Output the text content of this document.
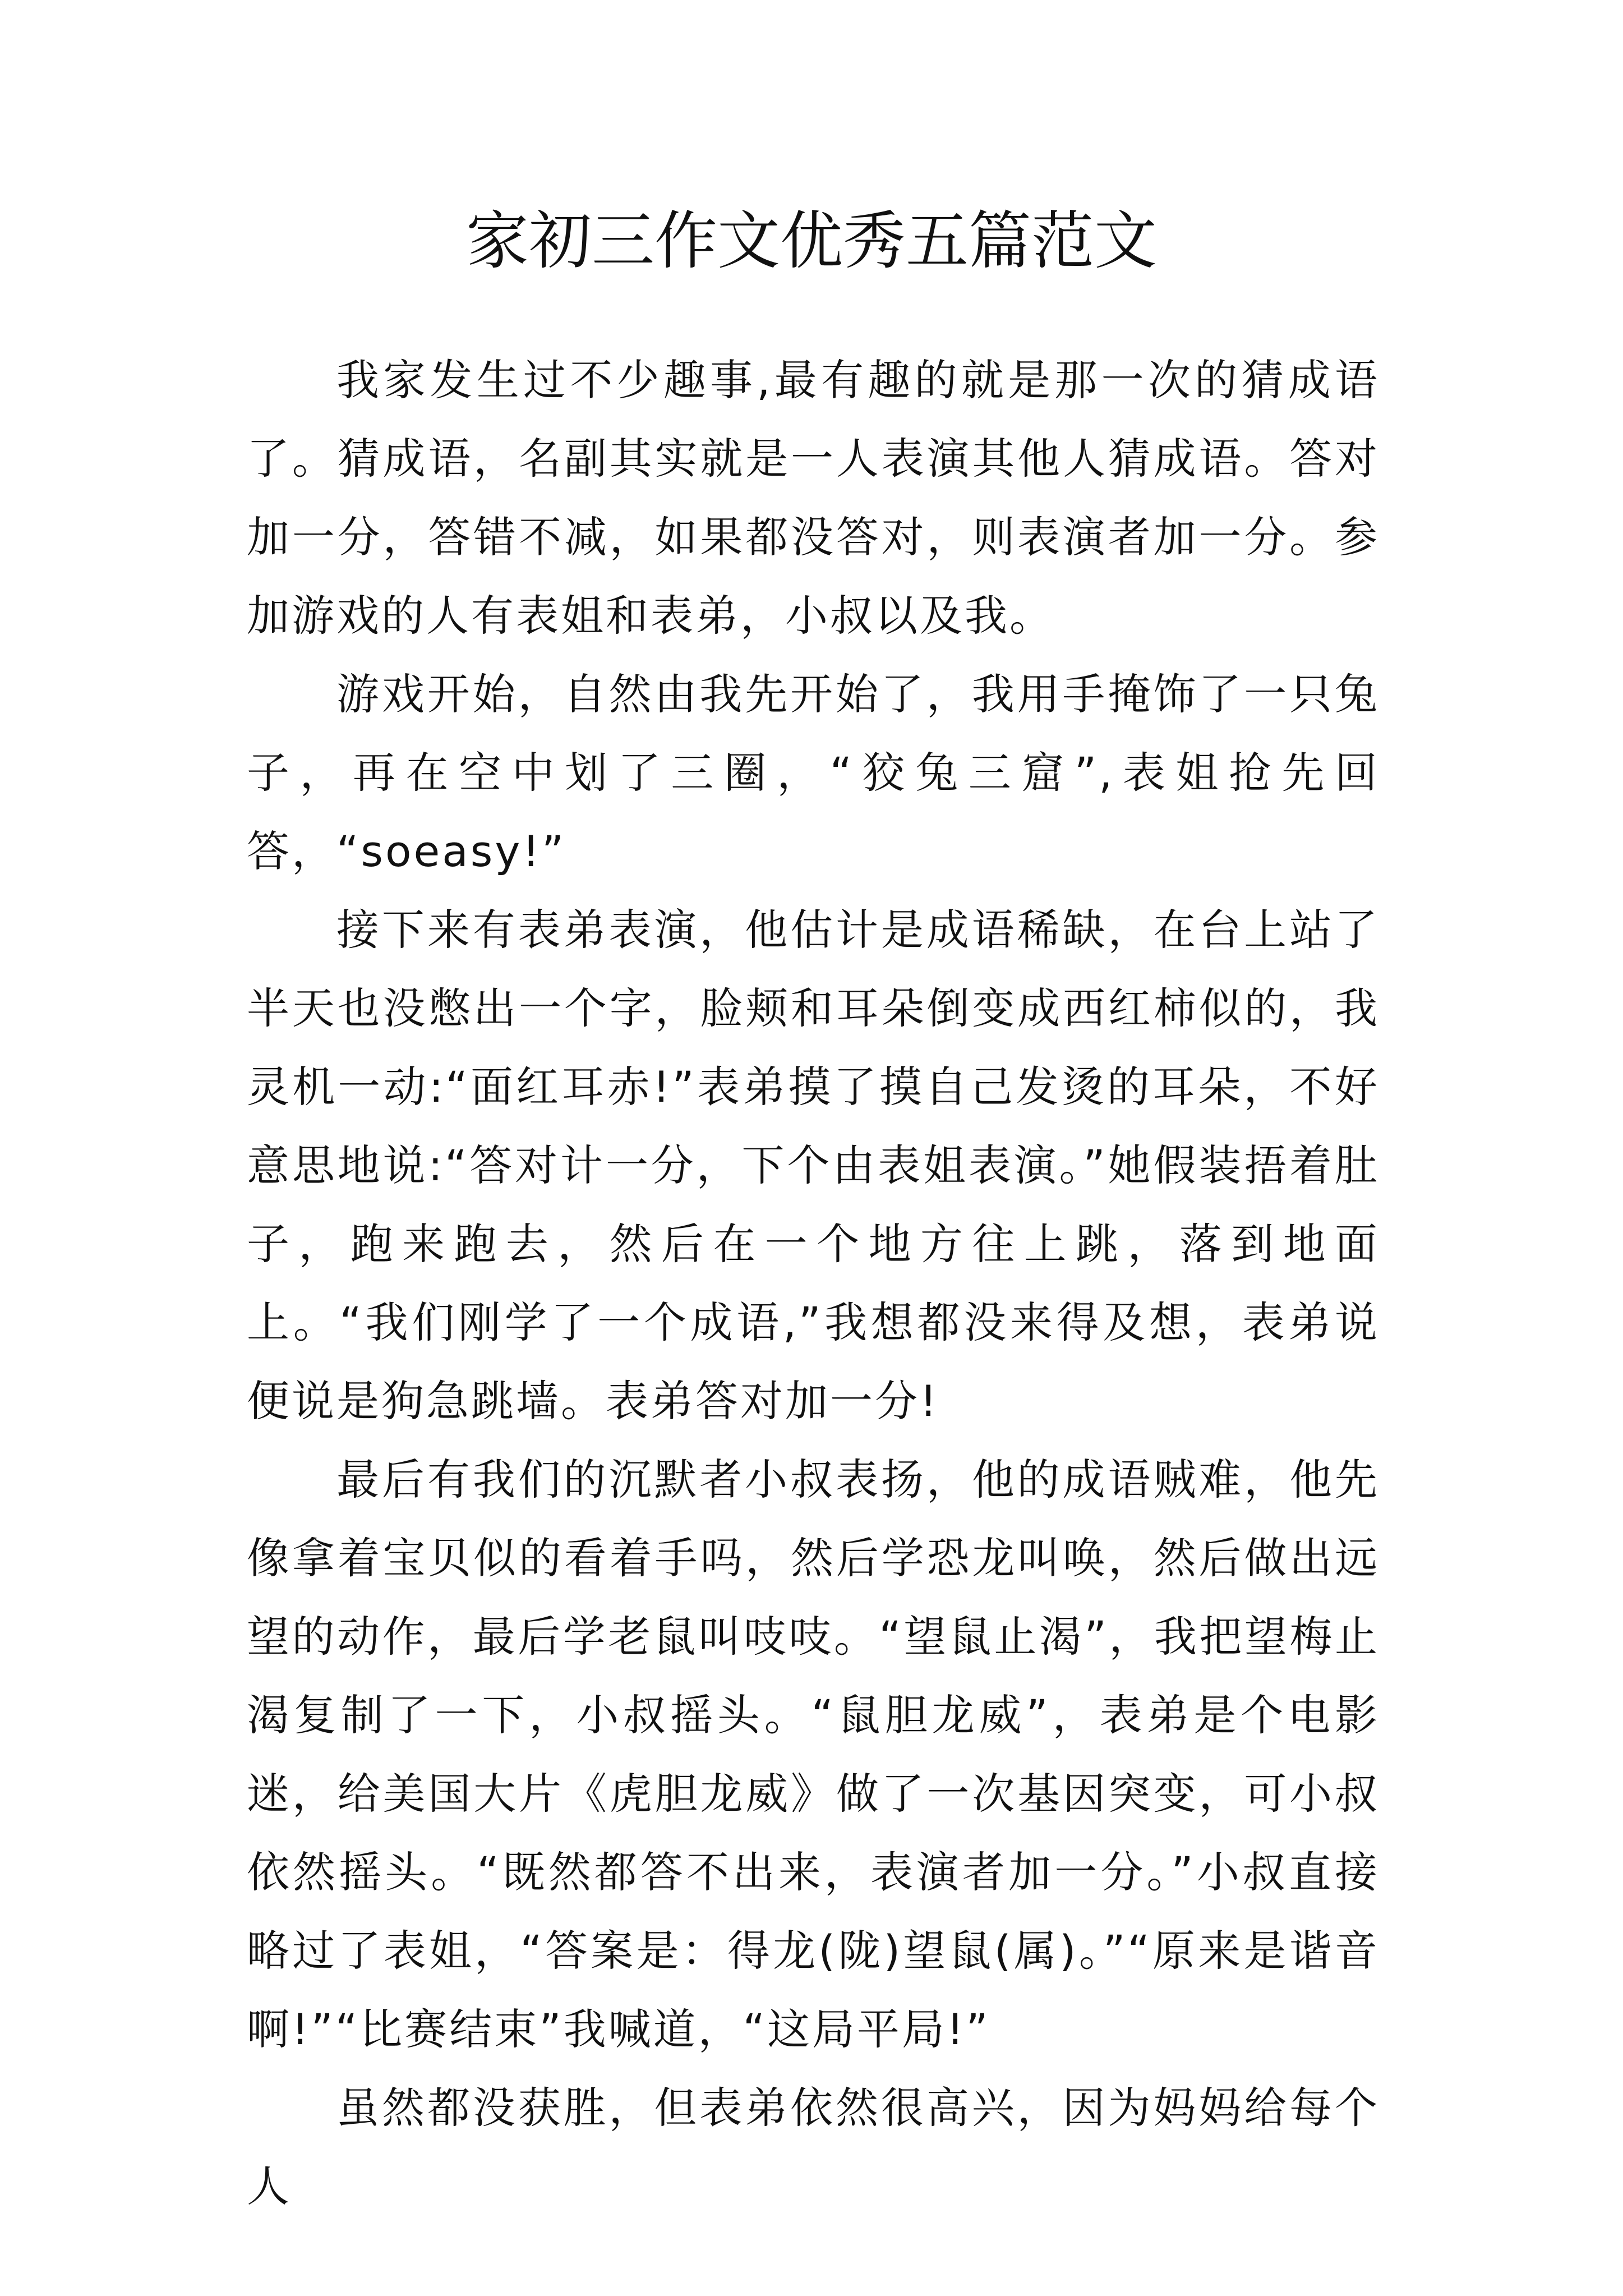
家初三作文优秀五篇范文

我家发生过不少趣事,最有趣的就是那一次的猜成语了。猜成语，名副其实就是一人表演其他人猜成语。答对加一分，答错不减，如果都没答对，则表演者加一分。参加游戏的人有表姐和表弟，小叔以及我。

游戏开始，自然由我先开始了，我用手掩饰了一只兔子，再在空中划了三圈，“狡兔三窟”,表姐抢先回答，“soeasy!”

接下来有表弟表演，他估计是成语稀缺，在台上站了半天也没憋出一个字，脸颊和耳朵倒变成西红柿似的，我灵机一动:“面红耳赤!”表弟摸了摸自己发烫的耳朵，不好意思地说:“答对计一分，下个由表姐表演。”她假装捂着肚子，跑来跑去，然后在一个地方往上跳，落到地面上。“我们刚学了一个成语,”我想都没来得及想，表弟说便说是狗急跳墙。表弟答对加一分!

最后有我们的沉默者小叔表扬，他的成语贼难，他先像拿着宝贝似的看着手吗，然后学恐龙叫唤，然后做出远望的动作，最后学老鼠叫吱吱。“望鼠止渴”，我把望梅止渴复制了一下，小叔摇头。“鼠胆龙威”，表弟是个电影迷，给美国大片《虎胆龙威》做了一次基因突变，可小叔依然摇头。“既然都答不出来，表演者加一分。”小叔直接略过了表姐，“答案是：得龙(陇)望鼠(属)。”“原来是谐音啊!”“比赛结束”我喊道，“这局平局!”

虽然都没获胜，但表弟依然很高兴，因为妈妈给每个人
